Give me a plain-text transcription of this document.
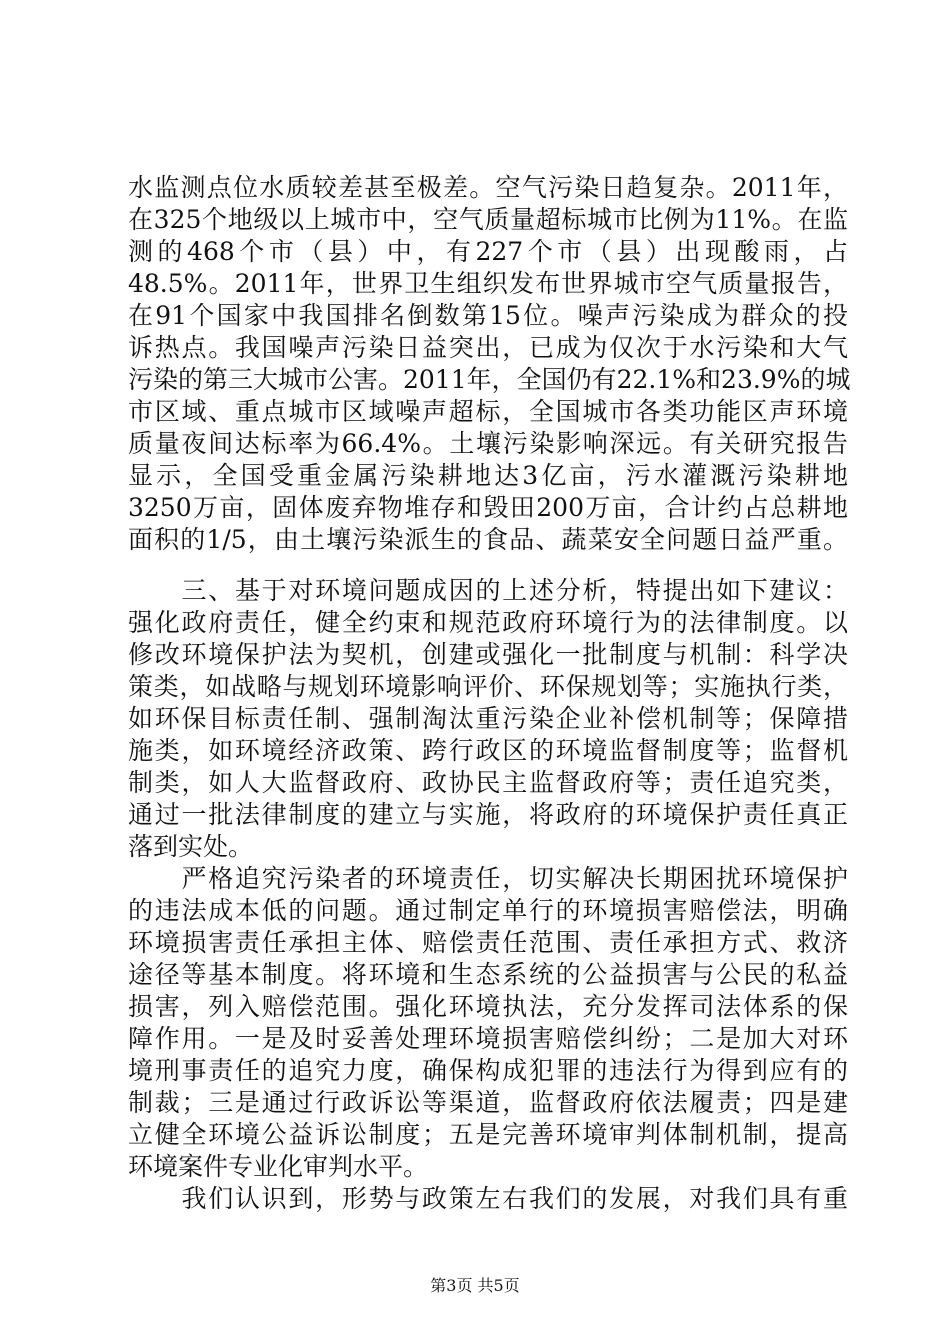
水监测点位水质较差甚至极差。空气污染日趋复杂。2011年，
在325个地级以上城市中，空气质量超标城市比例为11%。在监
测的468个市（县）中，有227个市（县）出现酸雨，占
48.5%。2011年，世界卫生组织发布世界城市空气质量报告，
在91个国家中我国排名倒数第15位。噪声污染成为群众的投
诉热点。我国噪声污染日益突出，已成为仅次于水污染和大气
污染的第三大城市公害。2011年，全国仍有22.1%和23.9%的城
市区域、重点城市区域噪声超标，全国城市各类功能区声环境
质量夜间达标率为66.4%。土壤污染影响深远。有关研究报告
显示，全国受重金属污染耕地达3亿亩，污水灌溉污染耕地
3250万亩，固体废弃物堆存和毁田200万亩，合计约占总耕地
面积的1/5，由土壤污染派生的食品、蔬菜安全问题日益严重。
　　三、基于对环境问题成因的上述分析，特提出如下建议：
强化政府责任，健全约束和规范政府环境行为的法律制度。以
修改环境保护法为契机，创建或强化一批制度与机制：科学决
策类，如战略与规划环境影响评价、环保规划等；实施执行类，
如环保目标责任制、强制淘汰重污染企业补偿机制等；保障措
施类，如环境经济政策、跨行政区的环境监督制度等；监督机
制类，如人大监督政府、政协民主监督政府等；责任追究类，
通过一批法律制度的建立与实施，将政府的环境保护责任真正
落到实处。
　　严格追究污染者的环境责任，切实解决长期困扰环境保护
的违法成本低的问题。通过制定单行的环境损害赔偿法，明确
环境损害责任承担主体、赔偿责任范围、责任承担方式、救济
途径等基本制度。将环境和生态系统的公益损害与公民的私益
损害，列入赔偿范围。强化环境执法，充分发挥司法体系的保
障作用。一是及时妥善处理环境损害赔偿纠纷；二是加大对环
境刑事责任的追究力度，确保构成犯罪的违法行为得到应有的
制裁；三是通过行政诉讼等渠道，监督政府依法履责；四是建
立健全环境公益诉讼制度；五是完善环境审判体制机制，提高
环境案件专业化审判水平。
　　我们认识到，形势与政策左右我们的发展，对我们具有重
第3页 共5页
